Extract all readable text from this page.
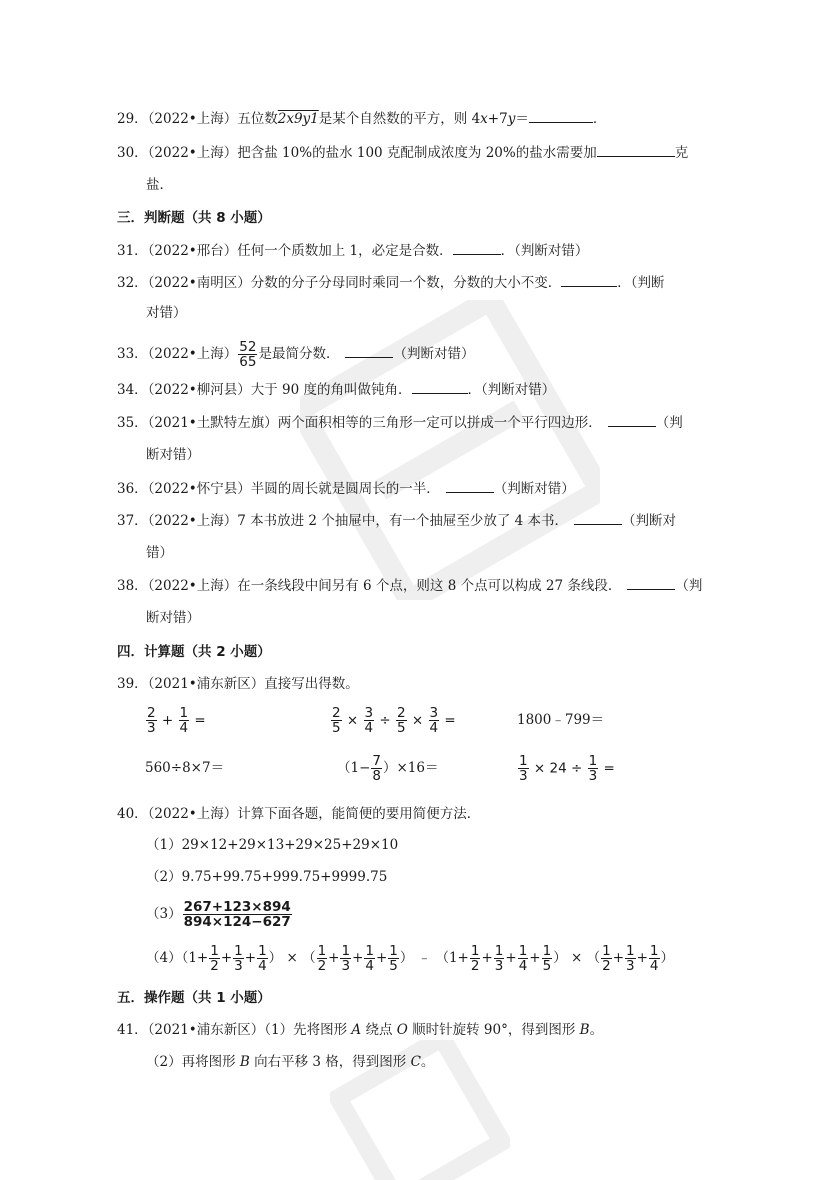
29．（2022•上海）五位数2x9y1是某个自然数的平方，则 4x+7y＝	．
30．（2022•上海）把含盐 10%的盐水 100 克配制成浓度为 20%的盐水需要加	克
盐．
三．判断题（共 8 小题）
31．（2022•邢台）任何一个质数加上 1，必定是合数．	．（判断对错）
32．（2022•南明区）分数的分子分母同时乘同一个数，分数的大小不变．	．（判断
对错）
33．（2022•上海） $\frac{52}{65}$ 是最简分数．	（判断对错）
34．（2022•柳河县）大于 90 度的角叫做钝角．	．（判断对错）
35．（2021•土默特左旗）两个面积相等的三角形一定可以拼成一个平行四边形．	（判
断对错）
36．（2022•怀宁县）半圆的周长就是圆周长的一半．	（判断对错）
37．（2022•上海）7 本书放进 2 个抽屉中，有一个抽屉至少放了 4 本书．	（判断对
错）
38．（2022•上海）在一条线段中间另有 6 个点，则这 8 个点可以构成 27 条线段．	（判
断对错）
四．计算题（共 2 小题）
39．（2021•浦东新区）直接写出得数。
$\frac{2}{3} + \frac{1}{4}$ =	$\frac{2}{5} \times \frac{3}{4} \div \frac{2}{5} \times \frac{3}{4}$ =	1800﹣799＝
560÷8×7＝	$(1- \frac{7}{8} )\times 16=$	$\frac{1}{3} \times 24 \div \frac{1}{3}$ =
40．（2022•上海）计算下面各题，能简便的要用简便方法．
（1）29×12+29×13+29×25+29×10
（2）9.75+99.75+999.75+9999.75
$(3) \frac{267+123\times 894}{894\times 124-627}$
$(4)(1+ \frac{1}{2} + \frac{1}{3} + \frac{1}{4}$ ） × （ $\frac{1}{2} + \frac{1}{3} + \frac{1}{4} + \frac{1}{5}$ ） ﹣ （$1+ \frac{1}{2} + \frac{1}{3} + \frac{1}{4} + \frac{1}{5}$ ） × （ $\frac{1}{2} + \frac{1}{3} + \frac{1}{4}$ ）
五．操作题（共 1 小题）
41．（2021•浦东新区）（1）先将图形 A 绕点 O 顺时针旋转 90°，得到图形 B。
（2）再将图形 B 向右平移 3 格，得到图形 C。
